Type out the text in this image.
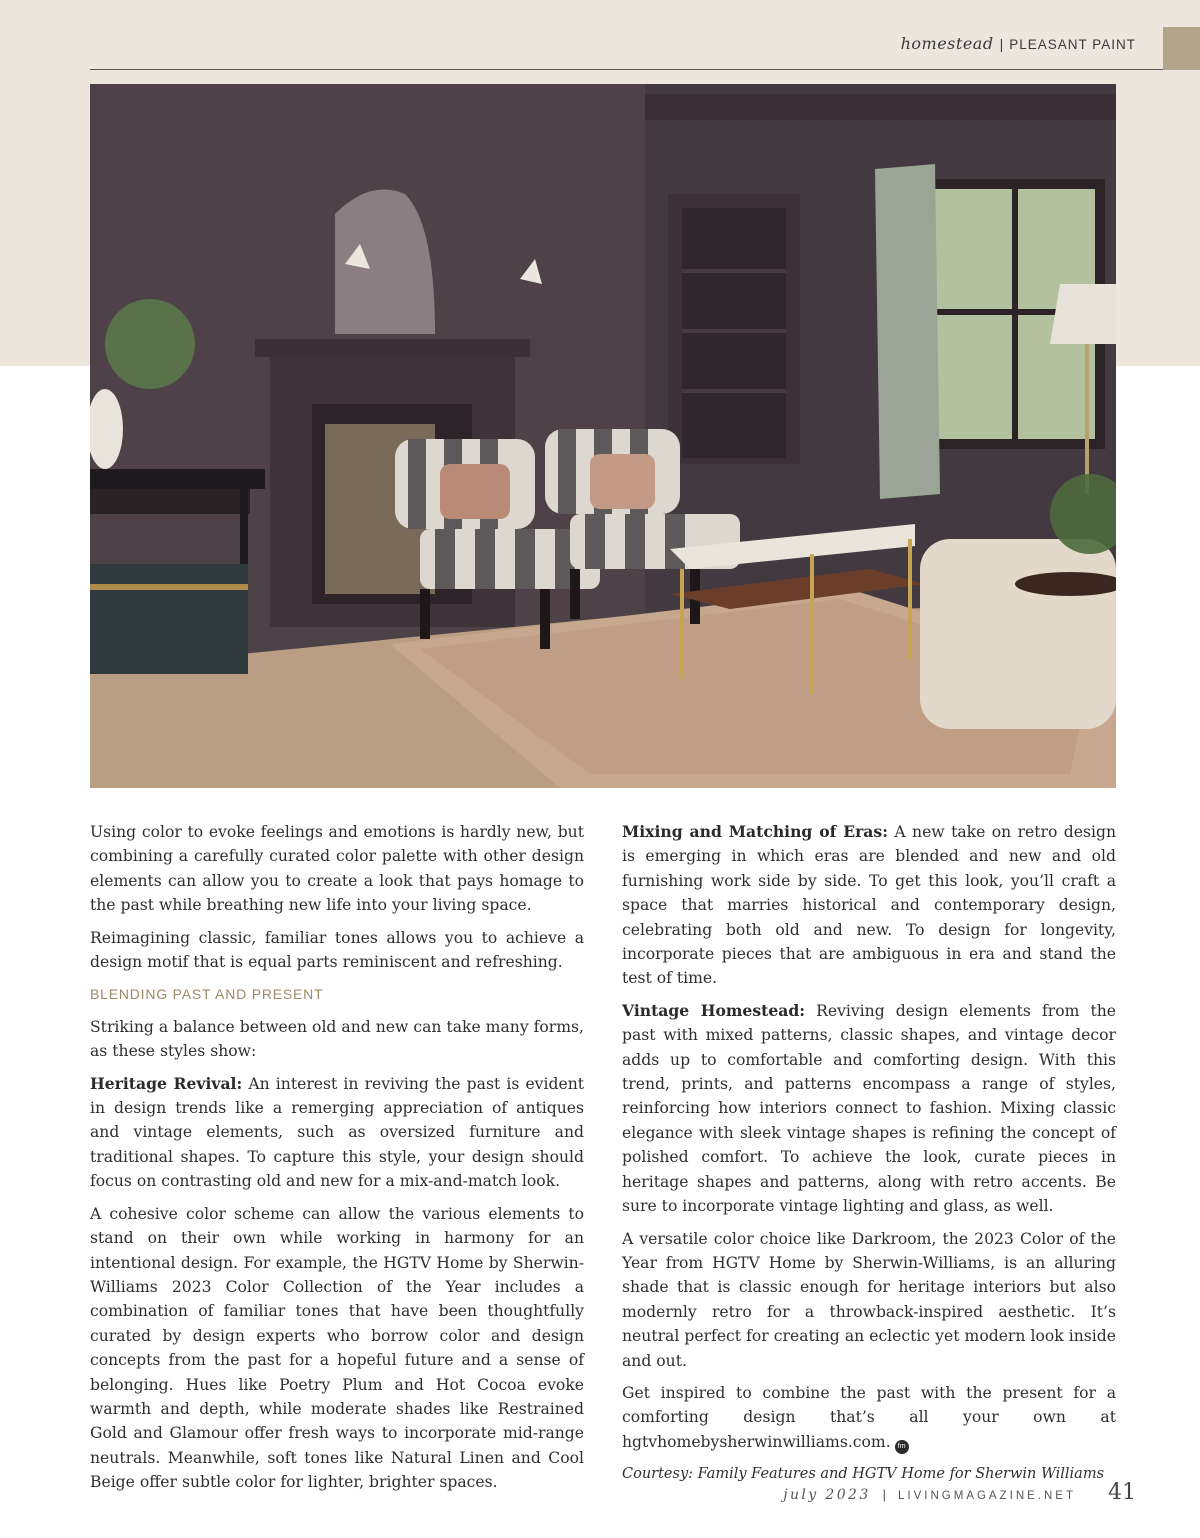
homestead | PLEASANT PAINT

Using color to evoke feelings and emotions is hardly new, but combining a carefully curated color palette with other design elements can allow you to create a look that pays homage to the past while breathing new life into your living space.

Reimagining classic, familiar tones allows you to achieve a design motif that is equal parts reminiscent and refreshing.

BLENDING PAST AND PRESENT

Striking a balance between old and new can take many forms, as these styles show:

Heritage Revival: An interest in reviving the past is evident in design trends like a remerging appreciation of antiques and vintage elements, such as oversized furniture and traditional shapes. To capture this style, your design should focus on contrasting old and new for a mix-and-match look.

A cohesive color scheme can allow the various elements to stand on their own while working in harmony for an intentional design. For example, the HGTV Home by Sherwin-Williams 2023 Color Collection of the Year includes a combination of familiar tones that have been thoughtfully curated by design experts who borrow color and design concepts from the past for a hopeful future and a sense of belonging. Hues like Poetry Plum and Hot Cocoa evoke warmth and depth, while moderate shades like Restrained Gold and Glamour offer fresh ways to incorporate mid-range neutrals. Meanwhile, soft tones like Natural Linen and Cool Beige offer subtle color for lighter, brighter spaces.

Mixing and Matching of Eras: A new take on retro design is emerging in which eras are blended and new and old furnishing work side by side. To get this look, you’ll craft a space that marries historical and contemporary design, celebrating both old and new. To design for longevity, incorporate pieces that are ambiguous in era and stand the test of time.

Vintage Homestead: Reviving design elements from the past with mixed patterns, classic shapes, and vintage decor adds up to comfortable and comforting design. With this trend, prints, and patterns encompass a range of styles, reinforcing how interiors connect to fashion. Mixing classic elegance with sleek vintage shapes is refining the concept of polished comfort. To achieve the look, curate pieces in heritage shapes and patterns, along with retro accents. Be sure to incorporate vintage lighting and glass, as well.

A versatile color choice like Darkroom, the 2023 Color of the Year from HGTV Home by Sherwin-Williams, is an alluring shade that is classic enough for heritage interiors but also modernly retro for a throwback-inspired aesthetic. It’s neutral perfect for creating an eclectic yet modern look inside and out.

Get inspired to combine the past with the present for a comforting design that’s all your own at hgtvhomebysherwinwilliams.com. fm

Courtesy: Family Features and HGTV Home for Sherwin Williams

july 2023 | LIVINGMAGAZINE.NET 41
